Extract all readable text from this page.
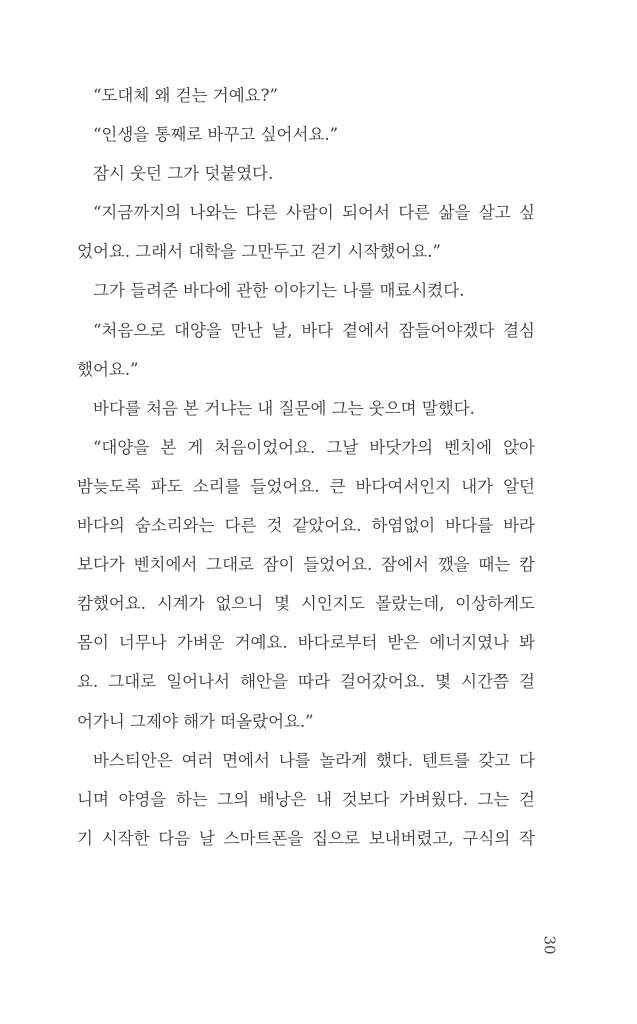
“도대체 왜 걷는 거예요?”
“인생을 통째로 바꾸고 싶어서요.”
잠시 웃던 그가 덧붙였다.
“지금까지의 나와는 다른 사람이 되어서 다른 삶을 살고 싶
었어요. 그래서 대학을 그만두고 걷기 시작했어요.”
그가 들려준 바다에 관한 이야기는 나를 매료시켰다.
“처음으로 대양을 만난 날, 바다 곁에서 잠들어야겠다 결심
했어요.”
바다를 처음 본 거냐는 내 질문에 그는 웃으며 말했다.
“대양을 본 게 처음이었어요. 그날 바닷가의 벤치에 앉아
밤늦도록 파도 소리를 들었어요. 큰 바다여서인지 내가 알던
바다의 숨소리와는 다른 것 같았어요. 하염없이 바다를 바라
보다가 벤치에서 그대로 잠이 들었어요. 잠에서 깼을 때는 캄
캄했어요. 시계가 없으니 몇 시인지도 몰랐는데, 이상하게도
몸이 너무나 가벼운 거예요. 바다로부터 받은 에너지였나 봐
요. 그대로 일어나서 해안을 따라 걸어갔어요. 몇 시간쯤 걸
어가니 그제야 해가 떠올랐어요.”
바스티안은 여러 면에서 나를 놀라게 했다. 텐트를 갖고 다
니며 야영을 하는 그의 배낭은 내 것보다 가벼웠다. 그는 걷
기 시작한 다음 날 스마트폰을 집으로 보내버렸고, 구식의 작
30
